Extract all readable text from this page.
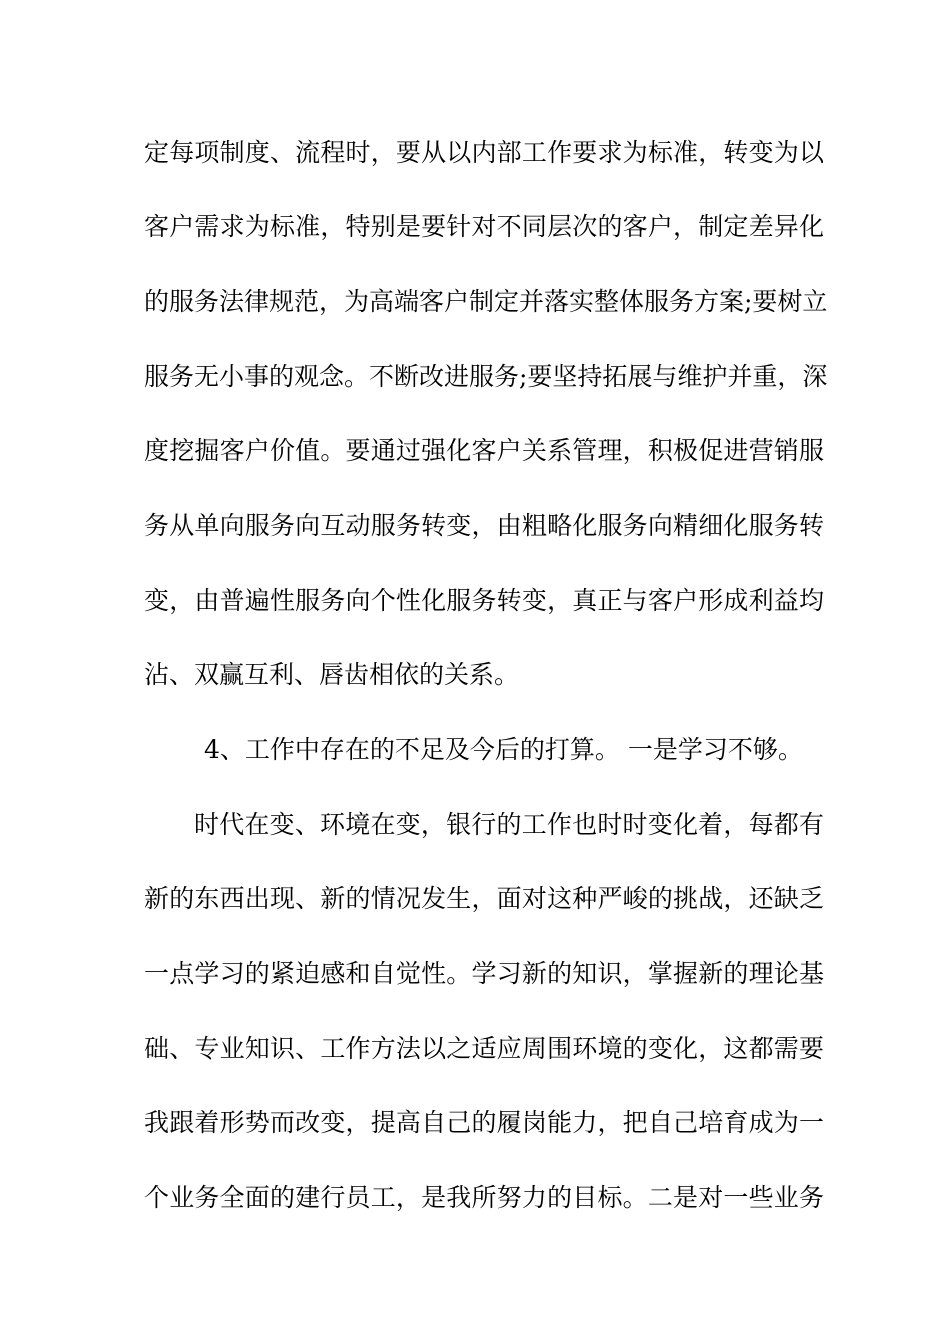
定每项制度、流程时，要从以内部工作要求为标准，转变为以
客户需求为标准，特别是要针对不同层次的客户，制定差异化
的服务法律规范，为高端客户制定并落实整体服务方案;要树立
服务无小事的观念。不断改进服务;要坚持拓展与维护并重，深
度挖掘客户价值。要通过强化客户关系管理，积极促进营销服
务从单向服务向互动服务转变，由粗略化服务向精细化服务转
变，由普遍性服务向个性化服务转变，真正与客户形成利益均
沾、双赢互利、唇齿相依的关系。
4、工作中存在的不足及今后的打算。 一是学习不够。
时代在变、环境在变，银行的工作也时时变化着，每都有
新的东西出现、新的情况发生，面对这种严峻的挑战，还缺乏
一点学习的紧迫感和自觉性。学习新的知识，掌握新的理论基
础、专业知识、工作方法以之适应周围环境的变化，这都需要
我跟着形势而改变，提高自己的履岗能力，把自己培育成为一
个业务全面的建行员工，是我所努力的目标。二是对一些业务
